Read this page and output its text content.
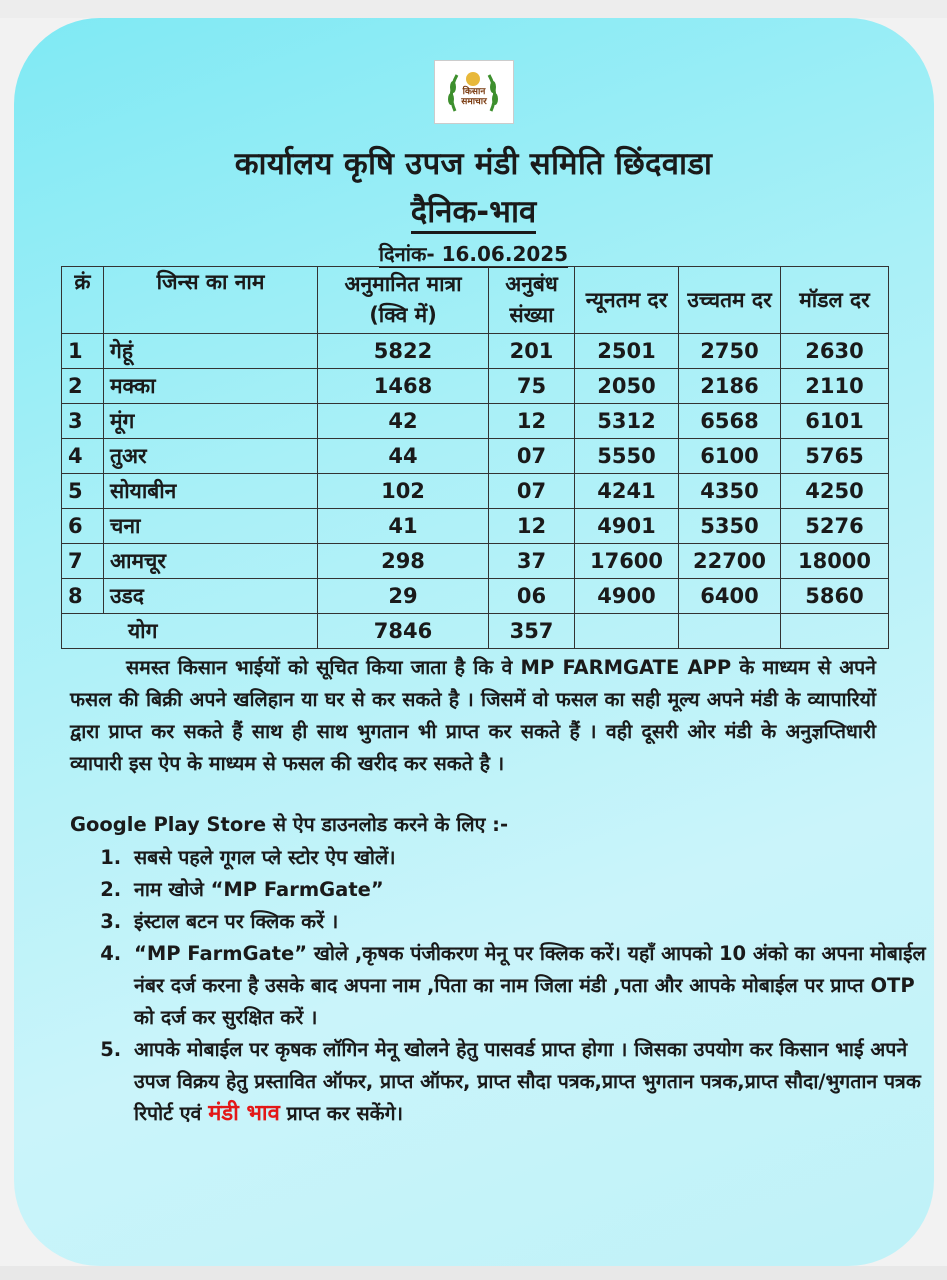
किसान
समाचार
कार्यालय कृषि उपज मंडी समिति छिंदवाडा
दैनिक-भाव
दिनांक- 16.06.2025
क्रं	जिन्स का नाम	अनुमानित मात्रा (क्वि में)	अनुबंध संख्या	न्यूनतम दर	उच्चतम दर	मॉडल दर
1	गेहूं	5822	201	2501	2750	2630
2	मक्का	1468	75	2050	2186	2110
3	मूंग	42	12	5312	6568	6101
4	तुअर	44	07	5550	6100	5765
5	सोयाबीन	102	07	4241	4350	4250
6	चना	41	12	4901	5350	5276
7	आमचूर	298	37	17600	22700	18000
8	उडद	29	06	4900	6400	5860
योग		7846	357			
समस्त किसान भाईयों को सूचित किया जाता है कि वे MP FARMGATE APP के माध्यम से अपने फसल की बिक्री अपने खलिहान या घर से कर सकते है । जिसमें वो फसल का सही मूल्य अपने मंडी के व्यापारियों द्वारा प्राप्त कर सकते हैं साथ ही साथ भुगतान भी प्राप्त कर सकते हैं । वही दूसरी ओर मंडी के अनुज्ञप्तिधारी व्यापारी इस ऐप के माध्यम से फसल की खरीद कर सकते है ।
Google Play Store से ऐप डाउनलोड करने के लिए :-
1. सबसे पहले गूगल प्ले स्टोर ऐप खोलें।
2. नाम खोजे “MP FarmGate”
3. इंस्टाल बटन पर क्लिक करें ।
4. “MP FarmGate” खोले ,कृषक पंजीकरण मेनू पर क्लिक करें। यहाँ आपको 10 अंको का अपना मोबाईल नंबर दर्ज करना है उसके बाद अपना नाम ,पिता का नाम जिला मंडी ,पता और आपके मोबाईल पर प्राप्त OTP को दर्ज कर सुरक्षित करें ।
5. आपके मोबाईल पर कृषक लॉगिन मेनू खोलने हेतु पासवर्ड प्राप्त होगा । जिसका उपयोग कर किसान भाई अपने उपज विक्रय हेतु प्रस्तावित ऑफर, प्राप्त ऑफर, प्राप्त सौदा पत्रक,प्राप्त भुगतान पत्रक,प्राप्त सौदा/भुगतान पत्रक रिपोर्ट एवं मंडी भाव प्राप्त कर सकेंगे।
